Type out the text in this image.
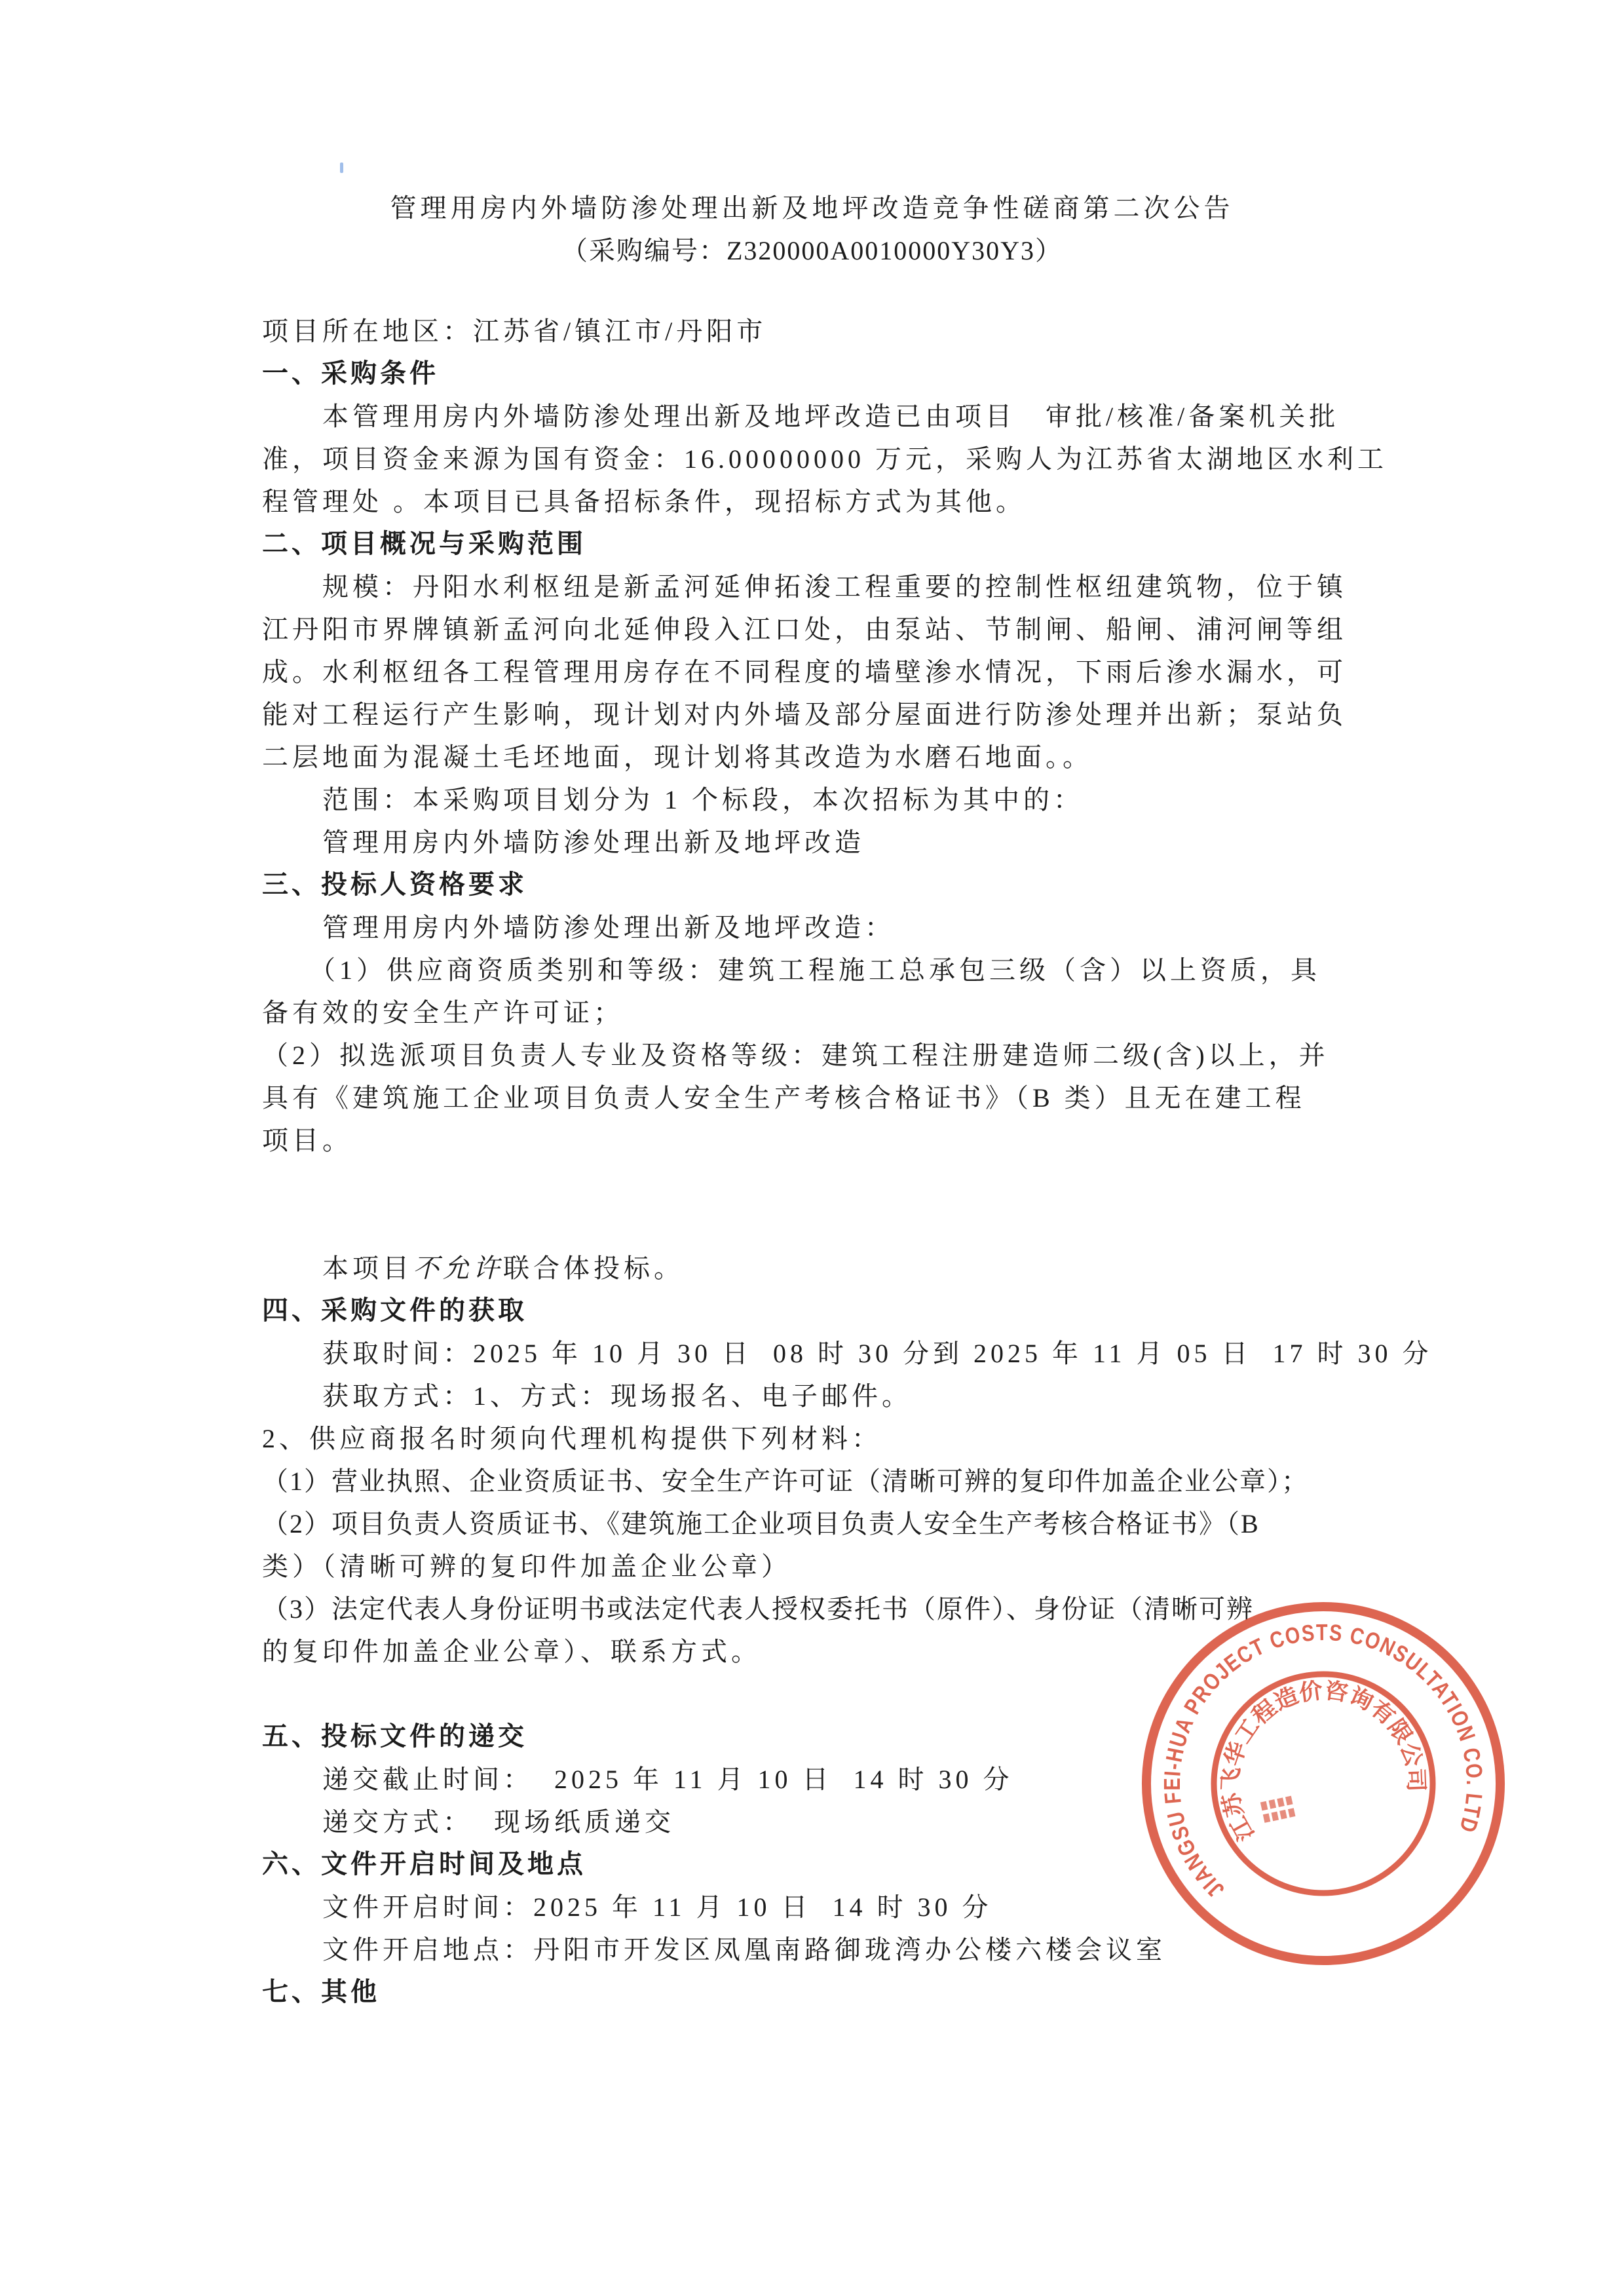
管理用房内外墙防渗处理出新及地坪改造竞争性磋商第二次公告
（采购编号：Z320000A0010000Y30Y3）
项目所在地区：江苏省/镇江市/丹阳市
一、采购条件
　　本管理用房内外墙防渗处理出新及地坪改造已由项目　审批/核准/备案机关批
准，项目资金来源为国有资金：16.00000000 万元，采购人为江苏省太湖地区水利工
程管理处 。本项目已具备招标条件，现招标方式为其他。
二、项目概况与采购范围
　　规模：丹阳水利枢纽是新孟河延伸拓浚工程重要的控制性枢纽建筑物，位于镇
江丹阳市界牌镇新孟河向北延伸段入江口处，由泵站、节制闸、船闸、浦河闸等组
成。水利枢纽各工程管理用房存在不同程度的墙壁渗水情况，下雨后渗水漏水，可
能对工程运行产生影响，现计划对内外墙及部分屋面进行防渗处理并出新；泵站负
二层地面为混凝土毛坯地面，现计划将其改造为水磨石地面。。
　　范围：本采购项目划分为 1 个标段，本次招标为其中的：
　　管理用房内外墙防渗处理出新及地坪改造
三、投标人资格要求
　　管理用房内外墙防渗处理出新及地坪改造：
　　（1）供应商资质类别和等级：建筑工程施工总承包三级（含）以上资质，具
备有效的安全生产许可证；
（2）拟选派项目负责人专业及资格等级：建筑工程注册建造师二级(含)以上，并
具有《建筑施工企业项目负责人安全生产考核合格证书》（B 类）且无在建工程
项目。
　　本项目不允许联合体投标。
四、采购文件的获取
　　获取时间：2025 年 10 月 30 日  08 时 30 分到 2025 年 11 月 05 日  17 时 30 分
　　获取方式：1、方式：现场报名、电子邮件。
2、供应商报名时须向代理机构提供下列材料：
（1）营业执照、企业资质证书、安全生产许可证（清晰可辨的复印件加盖企业公章）；
（2）项目负责人资质证书、《建筑施工企业项目负责人安全生产考核合格证书》（B
类）（清晰可辨的复印件加盖企业公章）
（3）法定代表人身份证明书或法定代表人授权委托书（原件）、身份证（清晰可辨
的复印件加盖企业公章）、联系方式。
五、投标文件的递交
　　递交截止时间：  2025 年 11 月 10 日  14 时 30 分
　　递交方式：  现场纸质递交
六、文件开启时间及地点
　　文件开启时间：2025 年 11 月 10 日  14 时 30 分
　　文件开启地点：丹阳市开发区凤凰南路御珑湾办公楼六楼会议室
七、其他
JIANGSU FEI-HUA PROJECT COSTS CONSULTATION CO. LTD
江苏飞华工程造价咨询有限公司
